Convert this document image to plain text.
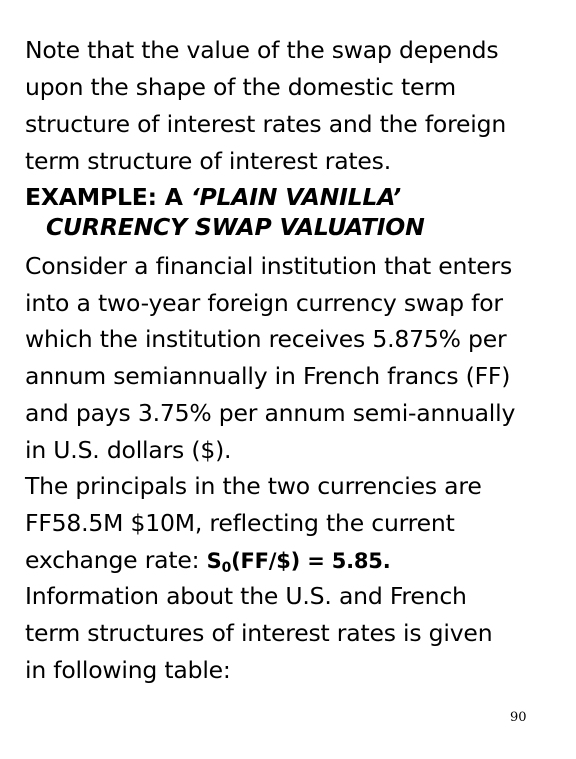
Note that the value of the swap depends
upon the shape of the domestic term
structure of interest rates and the foreign
term structure of interest rates.
EXAMPLE: A ‘PLAIN VANILLA’
CURRENCY SWAP VALUATION
Consider a financial institution that enters
into a two-year foreign currency swap for
which the institution receives 5.875% per
annum semiannually in French francs (FF)
and pays 3.75% per annum semi-annually
in U.S. dollars ($).
The principals in the two currencies are
FF58.5M $10M, reflecting the current
exchange rate: $S_0(FF/\$) = 5.85$.
Information about the U.S. and French
term structures of interest rates is given
in following table:
90
